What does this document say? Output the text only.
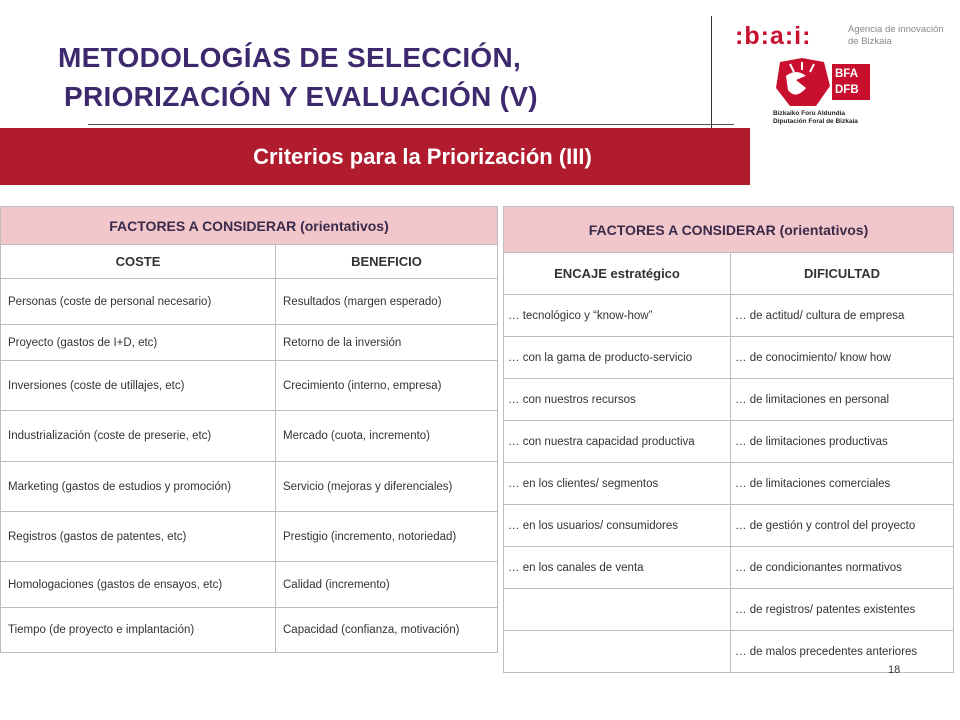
METODOLOGÍAS DE SELECCIÓN,
PRIORIZACIÓN Y EVALUACIÓN (V)
:b:a:i:	Agencia de innovación
de Bizkaia
BFA
DFB
Bizkaiko Foru Aldundia
Diputación Foral de Bizkaia
Criterios para la Priorización (III)
FACTORES A CONSIDERAR (orientativos)	
COSTE	BENEFICIO
Personas (coste de personal necesario)	Resultados (margen esperado)
Proyecto (gastos de I+D, etc)	Retorno de la inversión
Inversiones (coste de utillajes, etc)	Crecimiento (interno, empresa)
Industrialización (coste de preserie, etc)	Mercado (cuota, incremento)
Marketing (gastos de estudios y promoción)	Servicio (mejoras y diferenciales)
Registros (gastos de patentes, etc)	Prestigio (incremento, notoriedad)
Homologaciones (gastos de ensayos, etc)	Calidad (incremento)
Tiempo (de proyecto e implantación)	Capacidad (confianza, motivación)
FACTORES A CONSIDERAR (orientativos)	
ENCAJE estratégico	DIFICULTAD
… tecnológico y “know-how”	… de actitud/ cultura de empresa
… con la gama de producto-servicio	… de conocimiento/ know how
… con nuestros recursos	… de limitaciones en personal
… con nuestra capacidad productiva	… de limitaciones productivas
… en los clientes/ segmentos	… de limitaciones comerciales
… en los usuarios/ consumidores	… de gestión y control del proyecto
… en los canales de venta	… de condicionantes normativos
	… de registros/ patentes existentes
	… de malos precedentes anteriores
18
